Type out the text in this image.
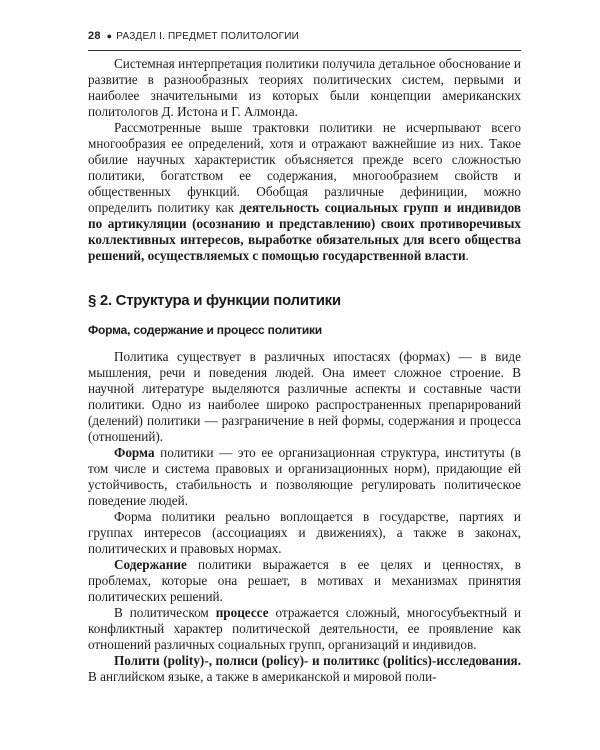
28 ● РАЗДЕЛ I. ПРЕДМЕТ ПОЛИТОЛОГИИ

Системная интерпретация политики получила детальное обоснование и развитие в разнообразных теориях политических систем, первыми и наиболее значительными из которых были концепции американских политологов Д. Истона и Г. Алмонда.

Рассмотренные выше трактовки политики не исчерпывают всего многообразия ее определений, хотя и отражают важнейшие из них. Такое обилие научных характеристик объясняется прежде всего сложностью политики, богатством ее содержания, многообразием свойств и общественных функций. Обобщая различные дефиниции, можно определить политику как деятельность социальных групп и индивидов по артикуляции (осознанию и представлению) своих противоречивых коллективных интересов, выработке обязательных для всего общества решений, осуществляемых с помощью государственной власти.

§ 2. Структура и функции политики
Форма, содержание и процесс политики

Политика существует в различных ипостасях (формах) — в виде мышления, речи и поведения людей. Она имеет сложное строение. В научной литературе выделяются различные аспекты и составные части политики. Одно из наиболее широко распространенных препарирований (делений) политики — разграничение в ней формы, содержания и процесса (отношений).

Форма политики — это ее организационная структура, институты (в том числе и система правовых и организационных норм), придающие ей устойчивость, стабильность и позволяющие регулировать политическое поведение людей.

Форма политики реально воплощается в государстве, партиях и группах интересов (ассоциациях и движениях), а также в законах, политических и правовых нормах.

Содержание политики выражается в ее целях и ценностях, в проблемах, которые она решает, в мотивах и механизмах принятия политических решений.

В политическом процессе отражается сложный, многосубъектный и конфликтный характер политической деятельности, ее проявление как отношений различных социальных групп, организаций и индивидов.

Полити (polity)-, полиси (policy)- и политикс (politics)-исследования. В английском языке, а также в американской и мировой поли-
